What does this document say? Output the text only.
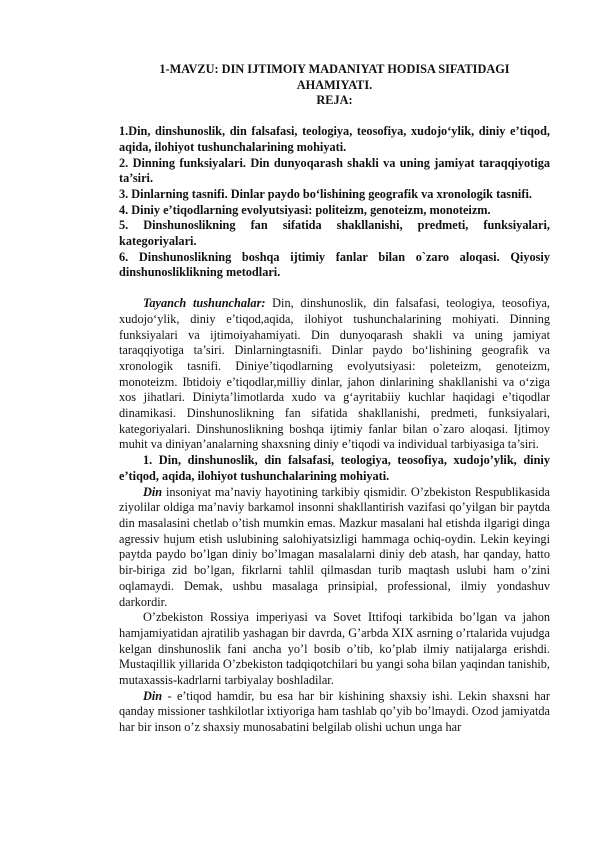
1-MAVZU: DIN IJTIMOIY MADANIYAT HODISA SIFATIDAGI
AHAMIYATI.

REJA:

1.Din, dinshunoslik, din falsafasi, teologiya, teosofiya, xudojo‘ylik, diniy e’tiqod, aqida, ilohiyot tushunchalarining mohiyati.

2. Dinning funksiyalari. Din dunyoqarash shakli va uning jamiyat taraqqiyotiga ta’siri.

3. Dinlarning tasnifi. Dinlar paydo bo‘lishining geografik va xronologik tasnifi.

4. Diniy e’tiqodlarning evolyutsiyasi: politeizm, genoteizm, monoteizm.

5. Dinshunoslikning fan sifatida shakllanishi, predmeti, funksiyalari, kategoriyalari.

6. Dinshunoslikning boshqa ijtimiy fanlar bilan o`zaro aloqasi. Qiyosiy dinshunosliklikning metodlari.

Tayanch tushunchalar: Din, dinshunoslik, din falsafasi, teologiya, teosofiya, xudojo‘ylik, diniy e’tiqod,aqida, ilohiyot tushunchalarining mohiyati. Dinning funksiyalari va ijtimoiyahamiyati. Din dunyoqarash shakli va uning jamiyat taraqqiyotiga ta’siri. Dinlarningtasnifi. Dinlar paydo bo‘lishining geografik va xronologik tasnifi. Diniye’tiqodlarning evolyutsiyasi: poleteizm, genoteizm, monoteizm. Ibtidoiy e’tiqodlar,milliy dinlar, jahon dinlarining shakllanishi va o‘ziga xos jihatlari. Diniyta’limotlarda xudo va g‘ayritabiiy kuchlar haqidagi e’tiqodlar dinamikasi. Dinshunoslikning fan sifatida shakllanishi, predmeti, funksiyalari, kategoriyalari. Dinshunoslikning boshqa ijtimiy fanlar bilan o`zaro aloqasi. Ijtimoy muhit va diniyan’analarning shaxsning diniy e’tiqodi va individual tarbiyasiga ta’siri.

1. Din, dinshunoslik, din falsafasi, teologiya, teosofiya, xudojo’ylik, diniy e’tiqod, aqida, ilohiyot tushunchalarining mohiyati.

Din insoniyat ma’naviy hayotining tarkibiy qismidir. O’zbekiston Respublikasida ziyolilar oldiga ma’naviy barkamol insonni shakllantirish vazifasi qo’yilgan bir paytda din masalasini chetlab o’tish mumkin emas. Mazkur masalani hal etishda ilgarigi dinga agressiv hujum etish uslubining salohiyatsizligi hammaga ochiq-oydin. Lekin keyingi paytda paydo bo’lgan diniy bo’lmagan masalalarni diniy deb atash, har qanday, hatto bir-biriga zid bo’lgan, fikrlarni tahlil qilmasdan turib maqtash uslubi ham o’zini oqlamaydi. Demak, ushbu masalaga prinsipial, professional, ilmiy yondashuv darkordir.

O’zbekiston Rossiya imperiyasi va Sovet Ittifoqi tarkibida bo’lgan va jahon hamjamiyatidan ajratilib yashagan bir davrda, G’arbda XIX asrning o’rtalarida vujudga kelgan dinshunoslik fani ancha yo’l bosib o’tib, ko’plab ilmiy natijalarga erishdi. Mustaqillik yillarida O’zbekiston tadqiqotchilari bu yangi soha bilan yaqindan tanishib, mutaxassis-kadrlarni tarbiyalay boshladilar.

Din - e’tiqod hamdir, bu esa har bir kishining shaxsiy ishi. Lekin shaxsni har qanday missioner tashkilotlar ixtiyoriga ham tashlab qo’yib bo’lmaydi. Ozod jamiyatda har bir inson o’z shaxsiy munosabatini belgilab olishi uchun unga har
